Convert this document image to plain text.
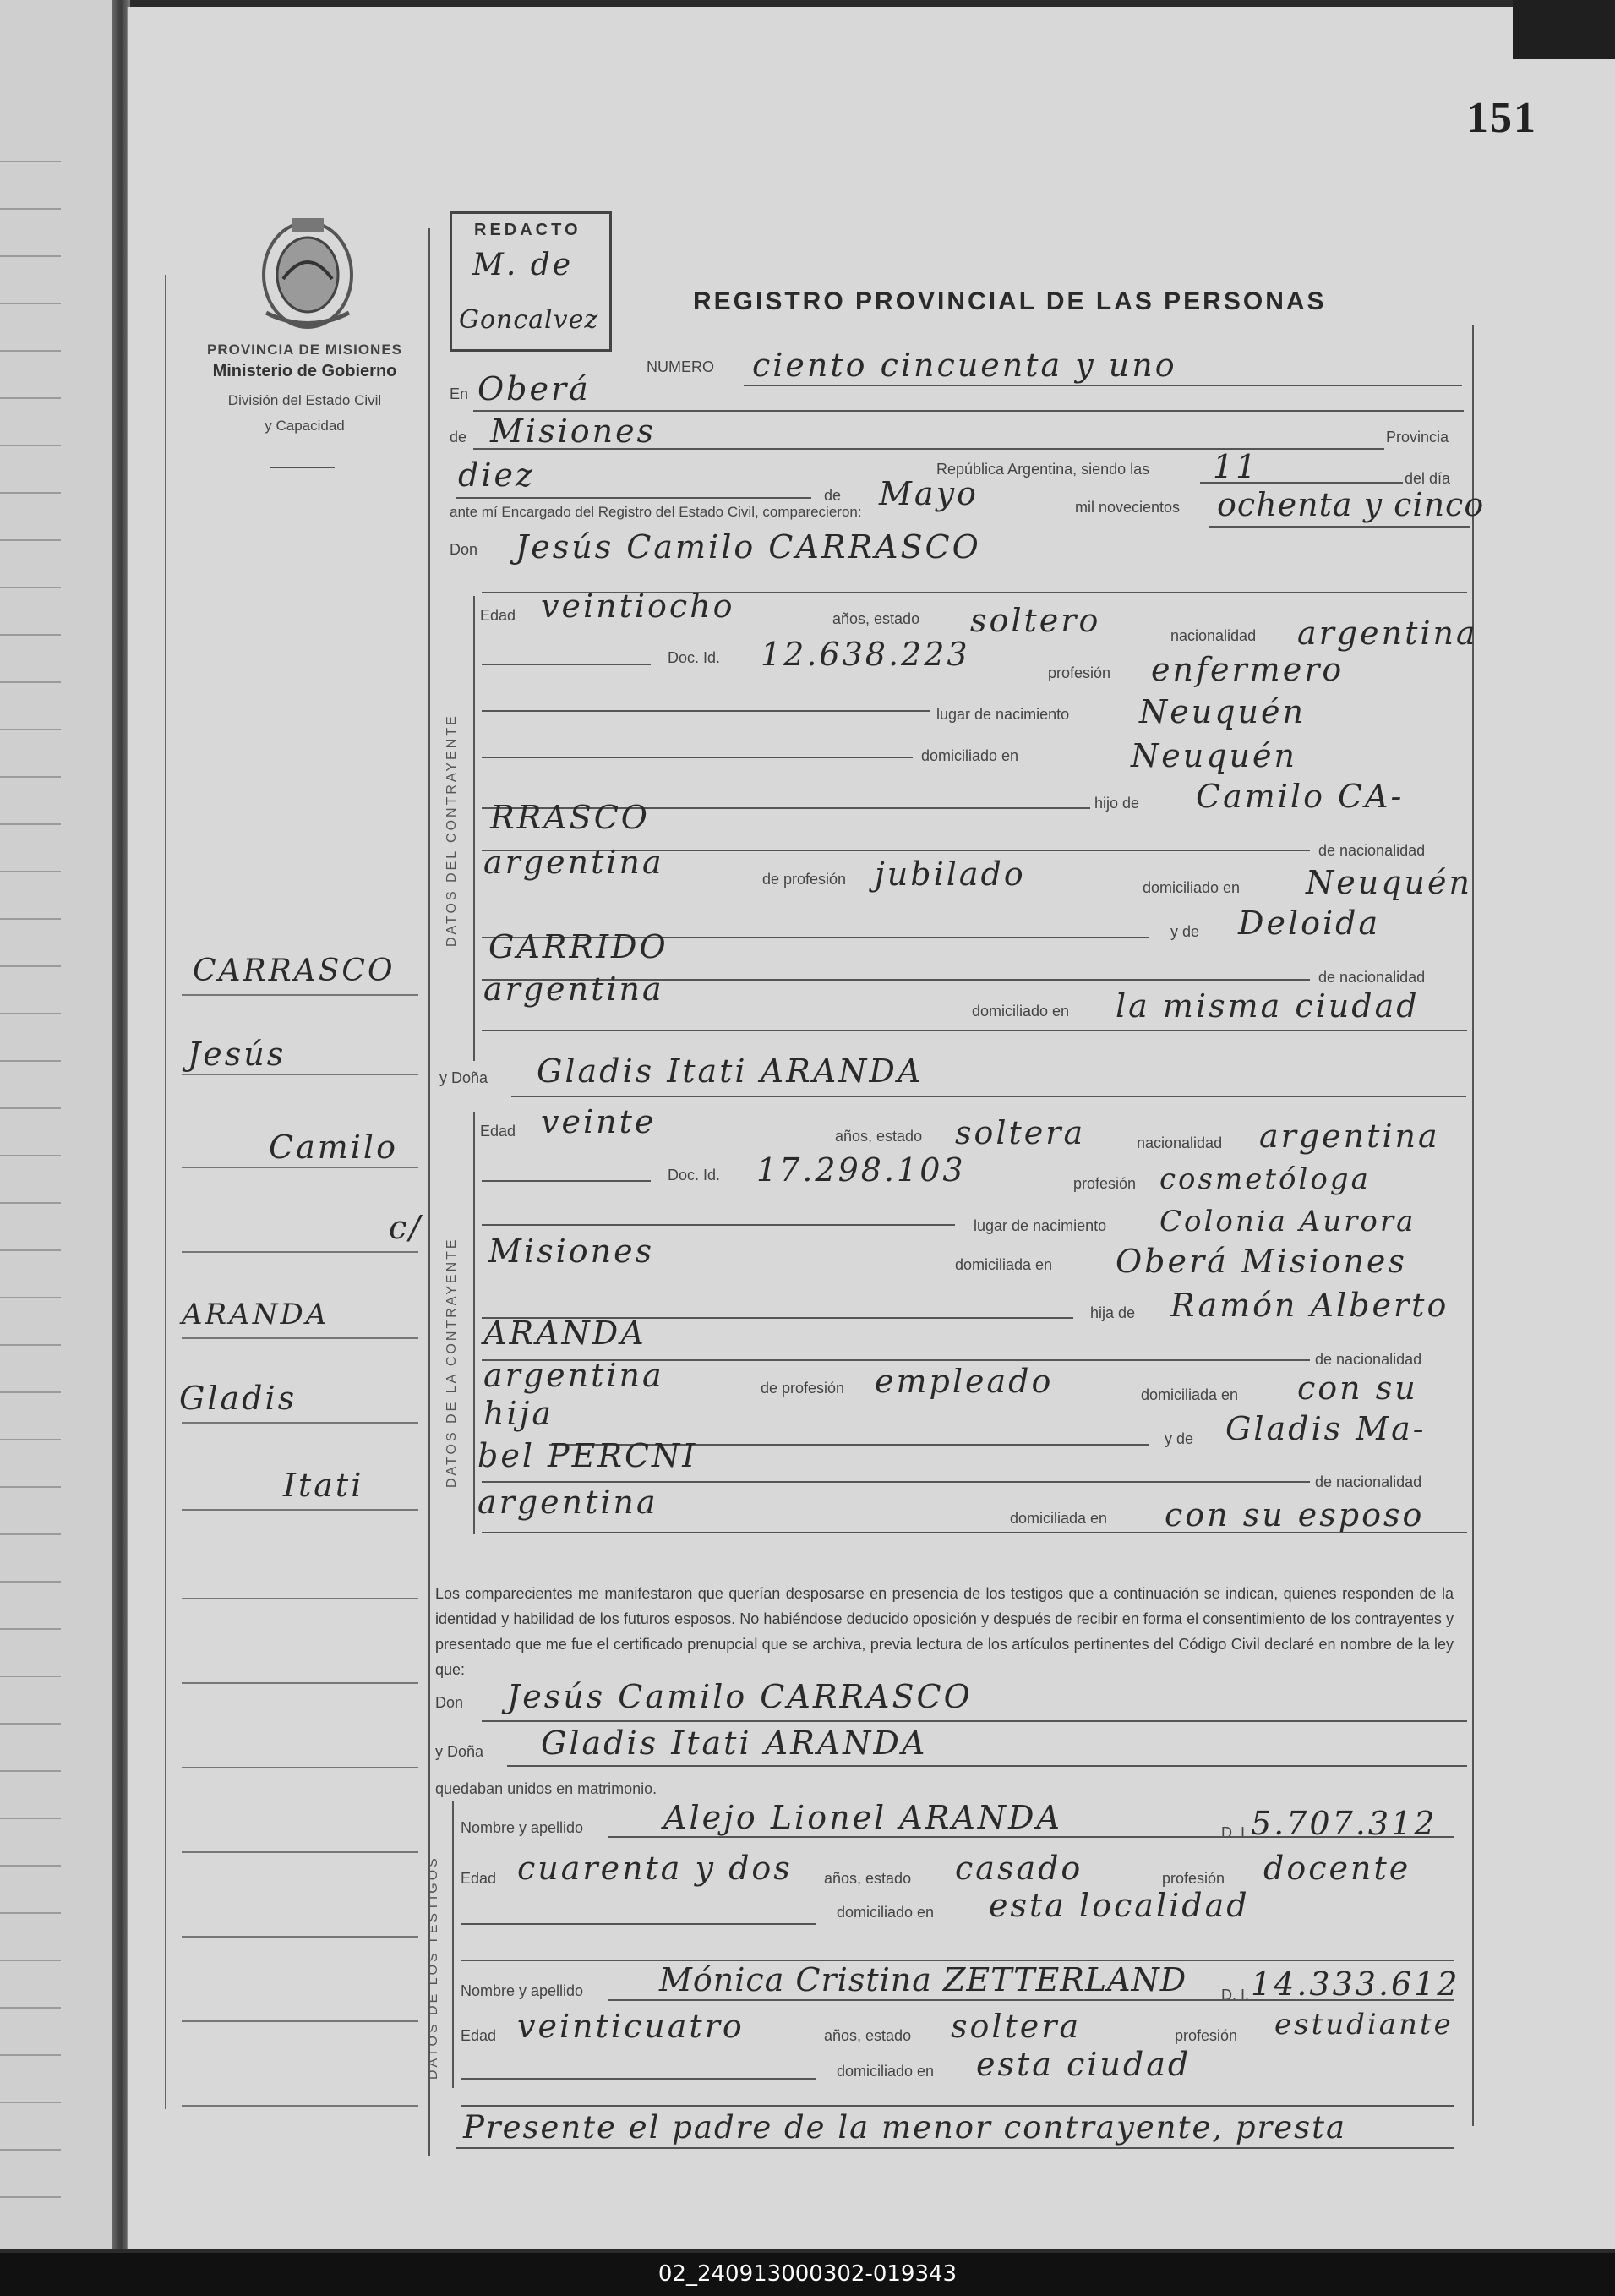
151
PROVINCIA DE MISIONES
Ministerio de Gobierno
División del Estado Civil
y Capacidad
REDACTO
M. de
Goncalvez
REGISTRO PROVINCIAL DE LAS PERSONAS
DATOS DEL CONTRAYENTE
DATOS DE LA CONTRAYENTE
DATOS DE LOS TESTIGOS
NUMERO ciento cincuenta y uno
En Oberá
de Misiones	Provincia
11
República Argentina, siendo las
del día
diez
de Mayo	mil novecientos ochenta y cinco
ante mí Encargado del Registro del Estado Civil, comparecieron:
Don Jesús Camilo CARRASCO
Edad veintiocho	años, estado soltero	nacionalidad argentina
Doc. Id. 12.638.223	profesión enfermero
lugar de nacimiento Neuquén
domiciliado en	Neuquén
hijo de Camilo CA-
RRASCO
de nacionalidad
argentina	de profesión jubilado	domiciliado en Neuquén
y de Deloida
GARRIDO
de nacionalidad
argentina
domiciliado en la misma ciudad
y Doña Gladis Itati ARANDA
Edad veinte	años, estado soltera	nacionalidad argentina
Doc. Id. 17.298.103	profesión cosmetóloga
lugar de nacimiento Colonia Aurora
Misiones	domiciliada en Oberá Misiones
hija de Ramón Alberto
ARANDA
de nacionalidad
argentina	de profesión empleado	domiciliada en con su
hija
y de Gladis Ma-
bel PERCNI
de nacionalidad
argentina	domiciliada en con su esposo
Los comparecientes me manifestaron que querían desposarse en presencia de los testigos que a continuación se indican, quienes responden de la identidad y habilidad de los futuros esposos. No habiéndose deducido oposición y después de recibir en forma el consentimiento de los contrayentes y presentado que me fue el certificado prenupcial que se archiva, previa lectura de los artículos pertinentes del Código Civil declaré en nombre de la ley que:
Don Jesús Camilo CARRASCO
y Doña Gladis Itati ARANDA
quedaban unidos en matrimonio.
Nombre y apellido Alejo Lionel ARANDA	D. I. 5.707.312
Edad cuarenta y dos años, estado casado	profesión docente
domiciliado en esta localidad
Nombre y apellido Mónica Cristina ZETTERLAND D. I. 14.333.612
Edad veinticuatro	años, estado soltera	profesión estudiante
domiciliado en esta ciudad
Presente el padre de la menor contrayente, presta
CARRASCO
Jesús
Camilo
c/
ARANDA
Gladis
Itati
02_240913000302-019343
